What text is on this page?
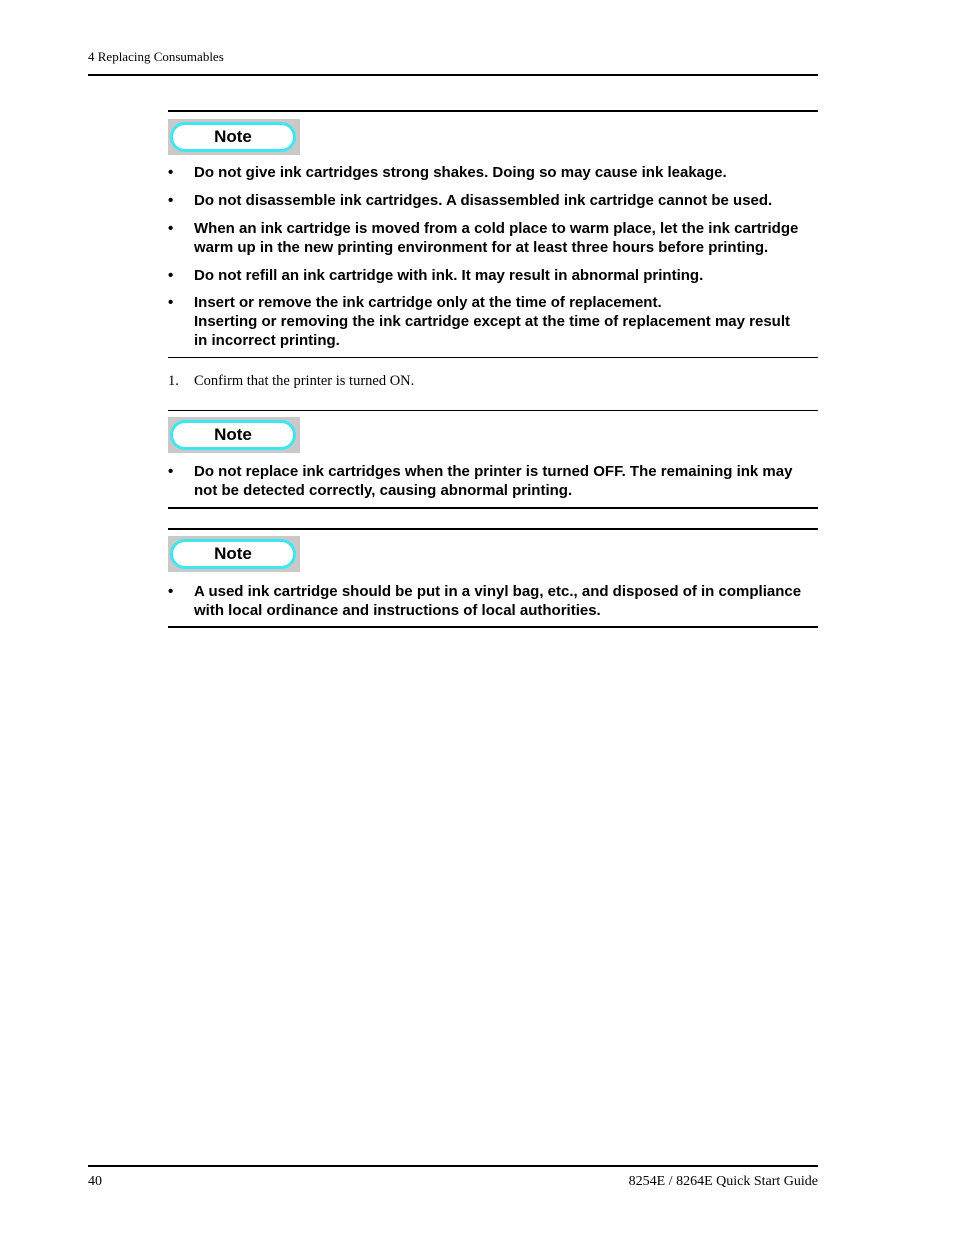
4 Replacing Consumables
Note
• Do not give ink cartridges strong shakes. Doing so may cause ink leakage.
• Do not disassemble ink cartridges. A disassembled ink cartridge cannot be used.
• When an ink cartridge is moved from a cold place to warm place, let the ink cartridge
warm up in the new printing environment for at least three hours before printing.
• Do not refill an ink cartridge with ink. It may result in abnormal printing.
• Insert or remove the ink cartridge only at the time of replacement.
Inserting or removing the ink cartridge except at the time of replacement may result
in incorrect printing.
1. Confirm that the printer is turned ON.
Note
• Do not replace ink cartridges when the printer is turned OFF. The remaining ink may
not be detected correctly, causing abnormal printing.
Note
• A used ink cartridge should be put in a vinyl bag, etc., and disposed of in compliance
with local ordinance and instructions of local authorities.
40	8254E / 8264E Quick Start Guide
